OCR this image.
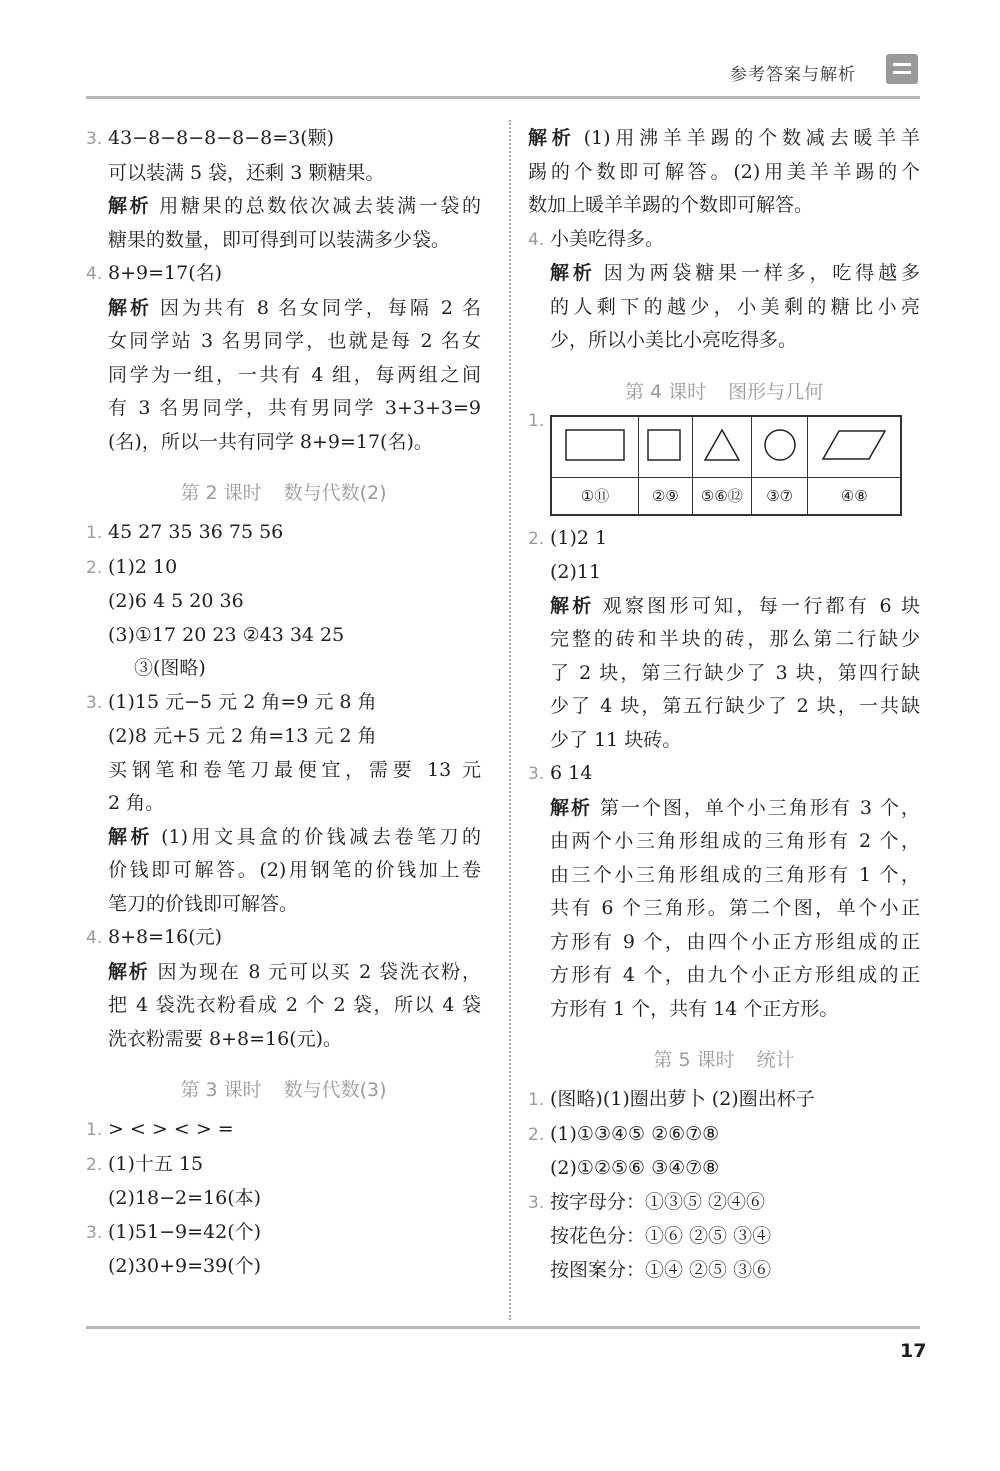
参考答案与解析
3. 43−8−8−8−8−8=3(颗)
可以装满 5 袋，还剩 3 颗糖果。
解析 用糖果的总数依次减去装满一袋的
糖果的数量，即可得到可以装满多少袋。
4. 8+9=17(名)
解析 因为共有 8 名女同学，每隔 2 名
女同学站 3 名男同学，也就是每 2 名女
同学为一组，一共有 4 组，每两组之间
有 3 名男同学，共有男同学 3+3+3=9
(名)，所以一共有同学 8+9=17(名)。
第 2 课时 数与代数(2)
1. 45 27 35 36 75 56
2. (1)2 10
(2)6 4 5 20 36
(3)①17 20 23 ②43 34 25
③(图略)
3. (1)15 元−5 元 2 角=9 元 8 角
(2)8 元+5 元 2 角=13 元 2 角
买钢笔和卷笔刀最便宜，需要 13 元
2 角。
解析 (1)用文具盒的价钱减去卷笔刀的
价钱即可解答。(2)用钢笔的价钱加上卷
笔刀的价钱即可解答。
4. 8+8=16(元)
解析 因为现在 8 元可以买 2 袋洗衣粉，
把 4 袋洗衣粉看成 2 个 2 袋，所以 4 袋
洗衣粉需要 8+8=16(元)。
第 3 课时 数与代数(3)
1. > < > < > =
2. (1)十五 15
(2)18−2=16(本)
3. (1)51−9=42(个)
(2)30+9=39(个)
解析 (1)用沸羊羊踢的个数减去暖羊羊
踢的个数即可解答。(2)用美羊羊踢的个
数加上暖羊羊踢的个数即可解答。
4. 小美吃得多。
解析 因为两袋糖果一样多，吃得越多
的人剩下的越少，小美剩的糖比小亮
少，所以小美比小亮吃得多。
第 4 课时 图形与几何
1.

①⑪	②⑨	⑤⑥⑫	③⑦	④⑧
2. (1)2 1
(2)11
解析 观察图形可知，每一行都有 6 块
完整的砖和半块的砖，那么第二行缺少
了 2 块，第三行缺少了 3 块，第四行缺
少了 4 块，第五行缺少了 2 块，一共缺
少了 11 块砖。
3. 6 14
解析 第一个图，单个小三角形有 3 个，
由两个小三角形组成的三角形有 2 个，
由三个小三角形组成的三角形有 1 个，
共有 6 个三角形。第二个图，单个小正
方形有 9 个，由四个小正方形组成的正
方形有 4 个，由九个小正方形组成的正
方形有 1 个，共有 14 个正方形。
第 5 课时 统计
1. (图略)(1)圈出萝卜 (2)圈出杯子
2. (1)①③④⑤ ②⑥⑦⑧
(2)①②⑤⑥ ③④⑦⑧
3. 按字母分：①③⑤ ②④⑥
按花色分：①⑥ ②⑤ ③④
按图案分：①④ ②⑤ ③⑥
17
